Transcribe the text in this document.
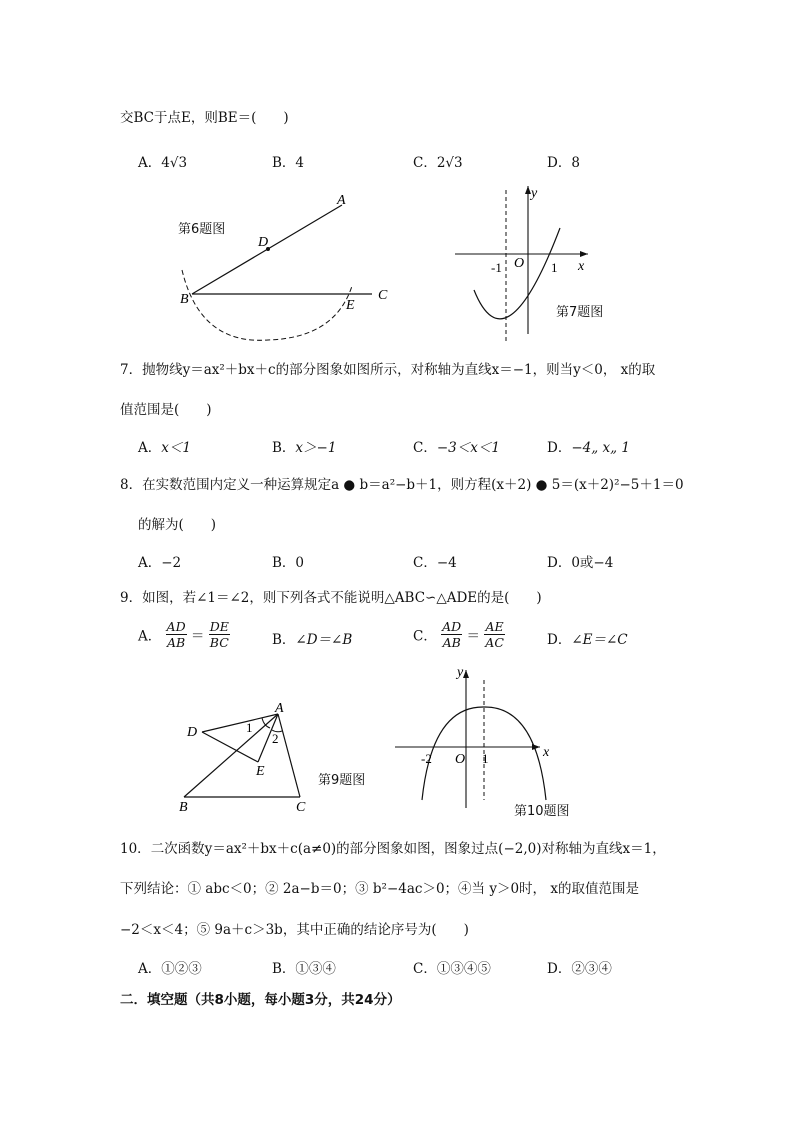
交BC于点E，则BE＝(　　)
A．4√3	B．4	C．2√3	D．8
第6题图
A
D
B	C
E
y
x
O
-1	1
第7题图
7．抛物线y＝ax²＋bx＋c的部分图象如图所示，对称轴为直线x＝−1，则当y＜0， x的取
值范围是(　　)
A．x＜1	B．x＞−1	C．−3＜x＜1	D．−4„ x„ 1
8．在实数范围内定义一种运算规定a ● b＝a²−b＋1，则方程(x＋2) ● 5＝(x＋2)²−5＋1＝0
的解为(　　)
A．−2	B．0	C．−4	D．0或−4
9．如图，若∠1＝∠2，则下列各式不能说明△ABC∽△ADE的是(　　)
A． $\frac{AD}{AB} = \frac{DE}{BC}$	B．∠D＝∠B	C． $\frac{AD}{AB} = \frac{AE}{AC}$	D．∠E＝∠C
A
D	1
2
E
B	C
第9题图
y
x
O
-2	1
第10题图
10．二次函数y＝ax²＋bx＋c(a≠0)的部分图象如图，图象过点(−2,0)对称轴为直线x＝1，
下列结论：① abc＜0；② 2a−b＝0；③ b²−4ac＞0；④当 y＞0时， x的取值范围是
−2＜x＜4；⑤ 9a＋c＞3b，其中正确的结论序号为(　　)
A．①②③	B．①③④	C．①③④⑤	D．②③④
二．填空题（共8小题，每小题3分，共24分）
